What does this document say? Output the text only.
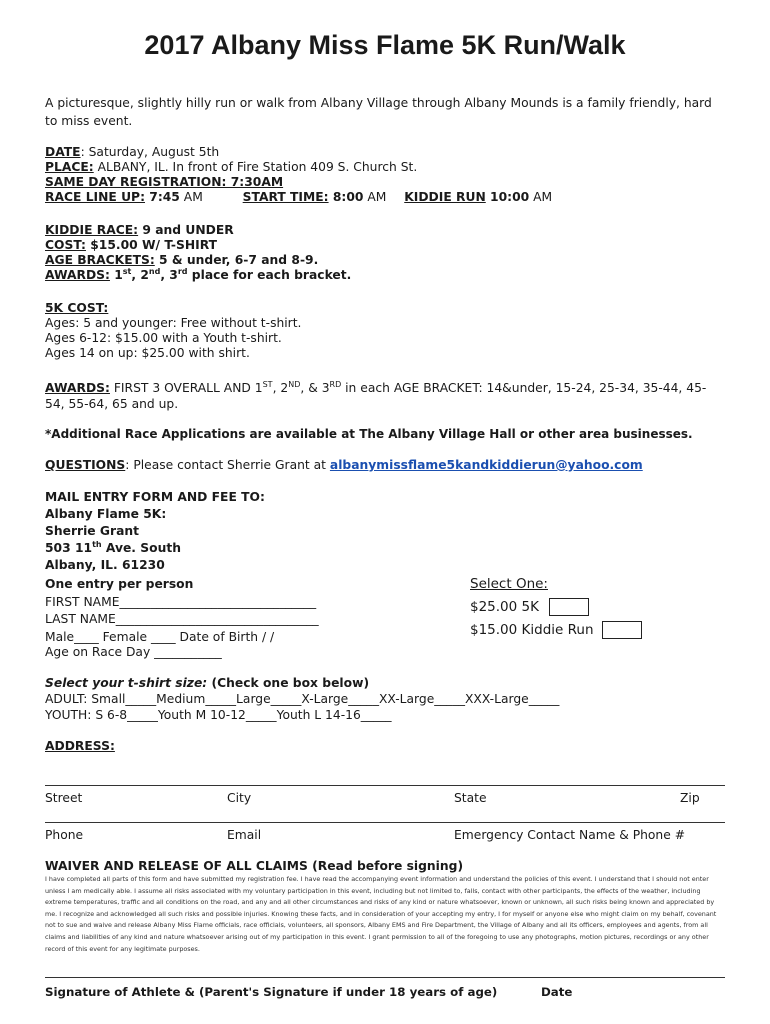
2017 Albany Miss Flame 5K Run/Walk
A picturesque, slightly hilly run or walk from Albany Village through Albany Mounds is a family friendly, hard to miss event.
DATE: Saturday, August 5th
PLACE: ALBANY, IL. In front of Fire Station 409 S. Church St.
SAME DAY REGISTRATION: 7:30AM
RACE LINE UP: 7:45 AM	START TIME: 8:00 AM KIDDIE RUN 10:00 AM
KIDDIE RACE: 9 and UNDER
COST: $15.00 W/ T-SHIRT
AGE BRACKETS: 5 & under, 6-7 and 8-9.
AWARDS: 1st, 2nd, 3rd place for each bracket.
5K COST:
Ages: 5 and younger: Free without t-shirt.
Ages 6-12: $15.00 with a Youth t-shirt.
Ages 14 on up: $25.00 with shirt.
AWARDS: FIRST 3 OVERALL AND 1ST, 2ND, & 3RD in each AGE BRACKET: 14&under, 15-24, 25-34, 35-44, 45-54, 55-64, 65 and up.
*Additional Race Applications are available at The Albany Village Hall or other area businesses.
QUESTIONS: Please contact Sherrie Grant at albanymissflame5kandkiddierun@yahoo.com
MAIL ENTRY FORM AND FEE TO:
Albany Flame 5K:
Sherrie Grant
503 11th Ave. South
Albany, IL. 61230
One entry per person
FIRST NAME________________________________
LAST NAME_________________________________
Male____ Female ____ Date of Birth / /
Age on Race Day ___________
Select One:
$25.00 5K
$15.00 Kiddie Run
Select your t-shirt size: (Check one box below)
ADULT: Small_____Medium_____Large_____X-Large_____XX-Large_____XXX-Large_____
YOUTH: S 6-8_____Youth M 10-12_____Youth L 14-16_____
ADDRESS:
Street	City	State	Zip
Phone	Email	Emergency Contact Name & Phone #
WAIVER AND RELEASE OF ALL CLAIMS (Read before signing)
I have completed all parts of this form and have submitted my registration fee. I have read the accompanying event information and understand the policies of this event. I understand that I should not enter unless I am medically able. I assume all risks associated with my voluntary participation in this event, including but not limited to, falls, contact with other participants, the effects of the weather, including extreme temperatures, traffic and all conditions on the road, and any and all other circumstances and risks of any kind or nature whatsoever, known or unknown, all such risks being known and appreciated by me. I recognize and acknowledged all such risks and possible injuries. Knowing these facts, and in consideration of your accepting my entry, I for myself or anyone else who might claim on my behalf, covenant not to sue and waive and release Albany Miss Flame officials, race officials, volunteers, all sponsors, Albany EMS and Fire Department, the Village of Albany and all its officers, employees and agents, from all claims and liabilities of any kind and nature whatsoever arising out of my participation in this event. I grant permission to all of the foregoing to use any photographs, motion pictures, recordings or any other record of this event for any legitimate purposes.
Signature of Athlete & (Parent's Signature if under 18 years of age)	Date
